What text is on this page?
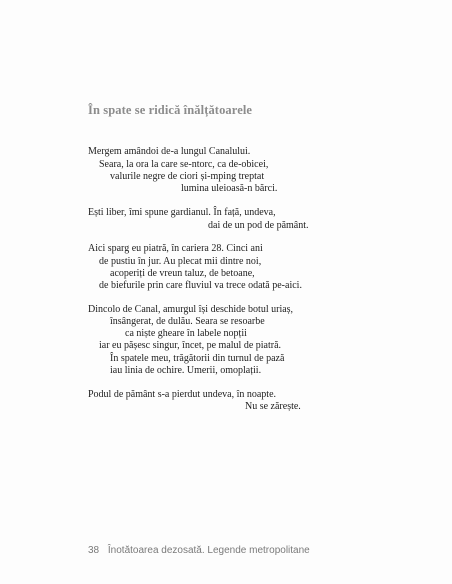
În spate se ridică înălțătoarele
Mergem amândoi de-a lungul Canalului.
Seara, la ora la care se-ntorc, ca de-obicei,
valurile negre de ciori și-mping treptat
lumina uleioasă-n bărci.
Ești liber, îmi spune gardianul. În față, undeva,
dai de un pod de pământ.
Aici sparg eu piatră, în cariera 28. Cinci ani
de pustiu în jur. Au plecat mii dintre noi,
acoperiți de vreun taluz, de betoane,
de biefurile prin care fluviul va trece odată pe-aici.
Dincolo de Canal, amurgul își deschide botul uriaș,
însângerat, de dulău. Seara se resoarbe
ca niște gheare în labele nopții
iar eu pășesc singur, încet, pe malul de piatră.
În spatele meu, trăgătorii din turnul de pază
iau linia de ochire. Umerii, omoplații.
Podul de pământ s-a pierdut undeva, în noapte.
Nu se zărește.
38 Înotătoarea dezosată. Legende metropolitane
